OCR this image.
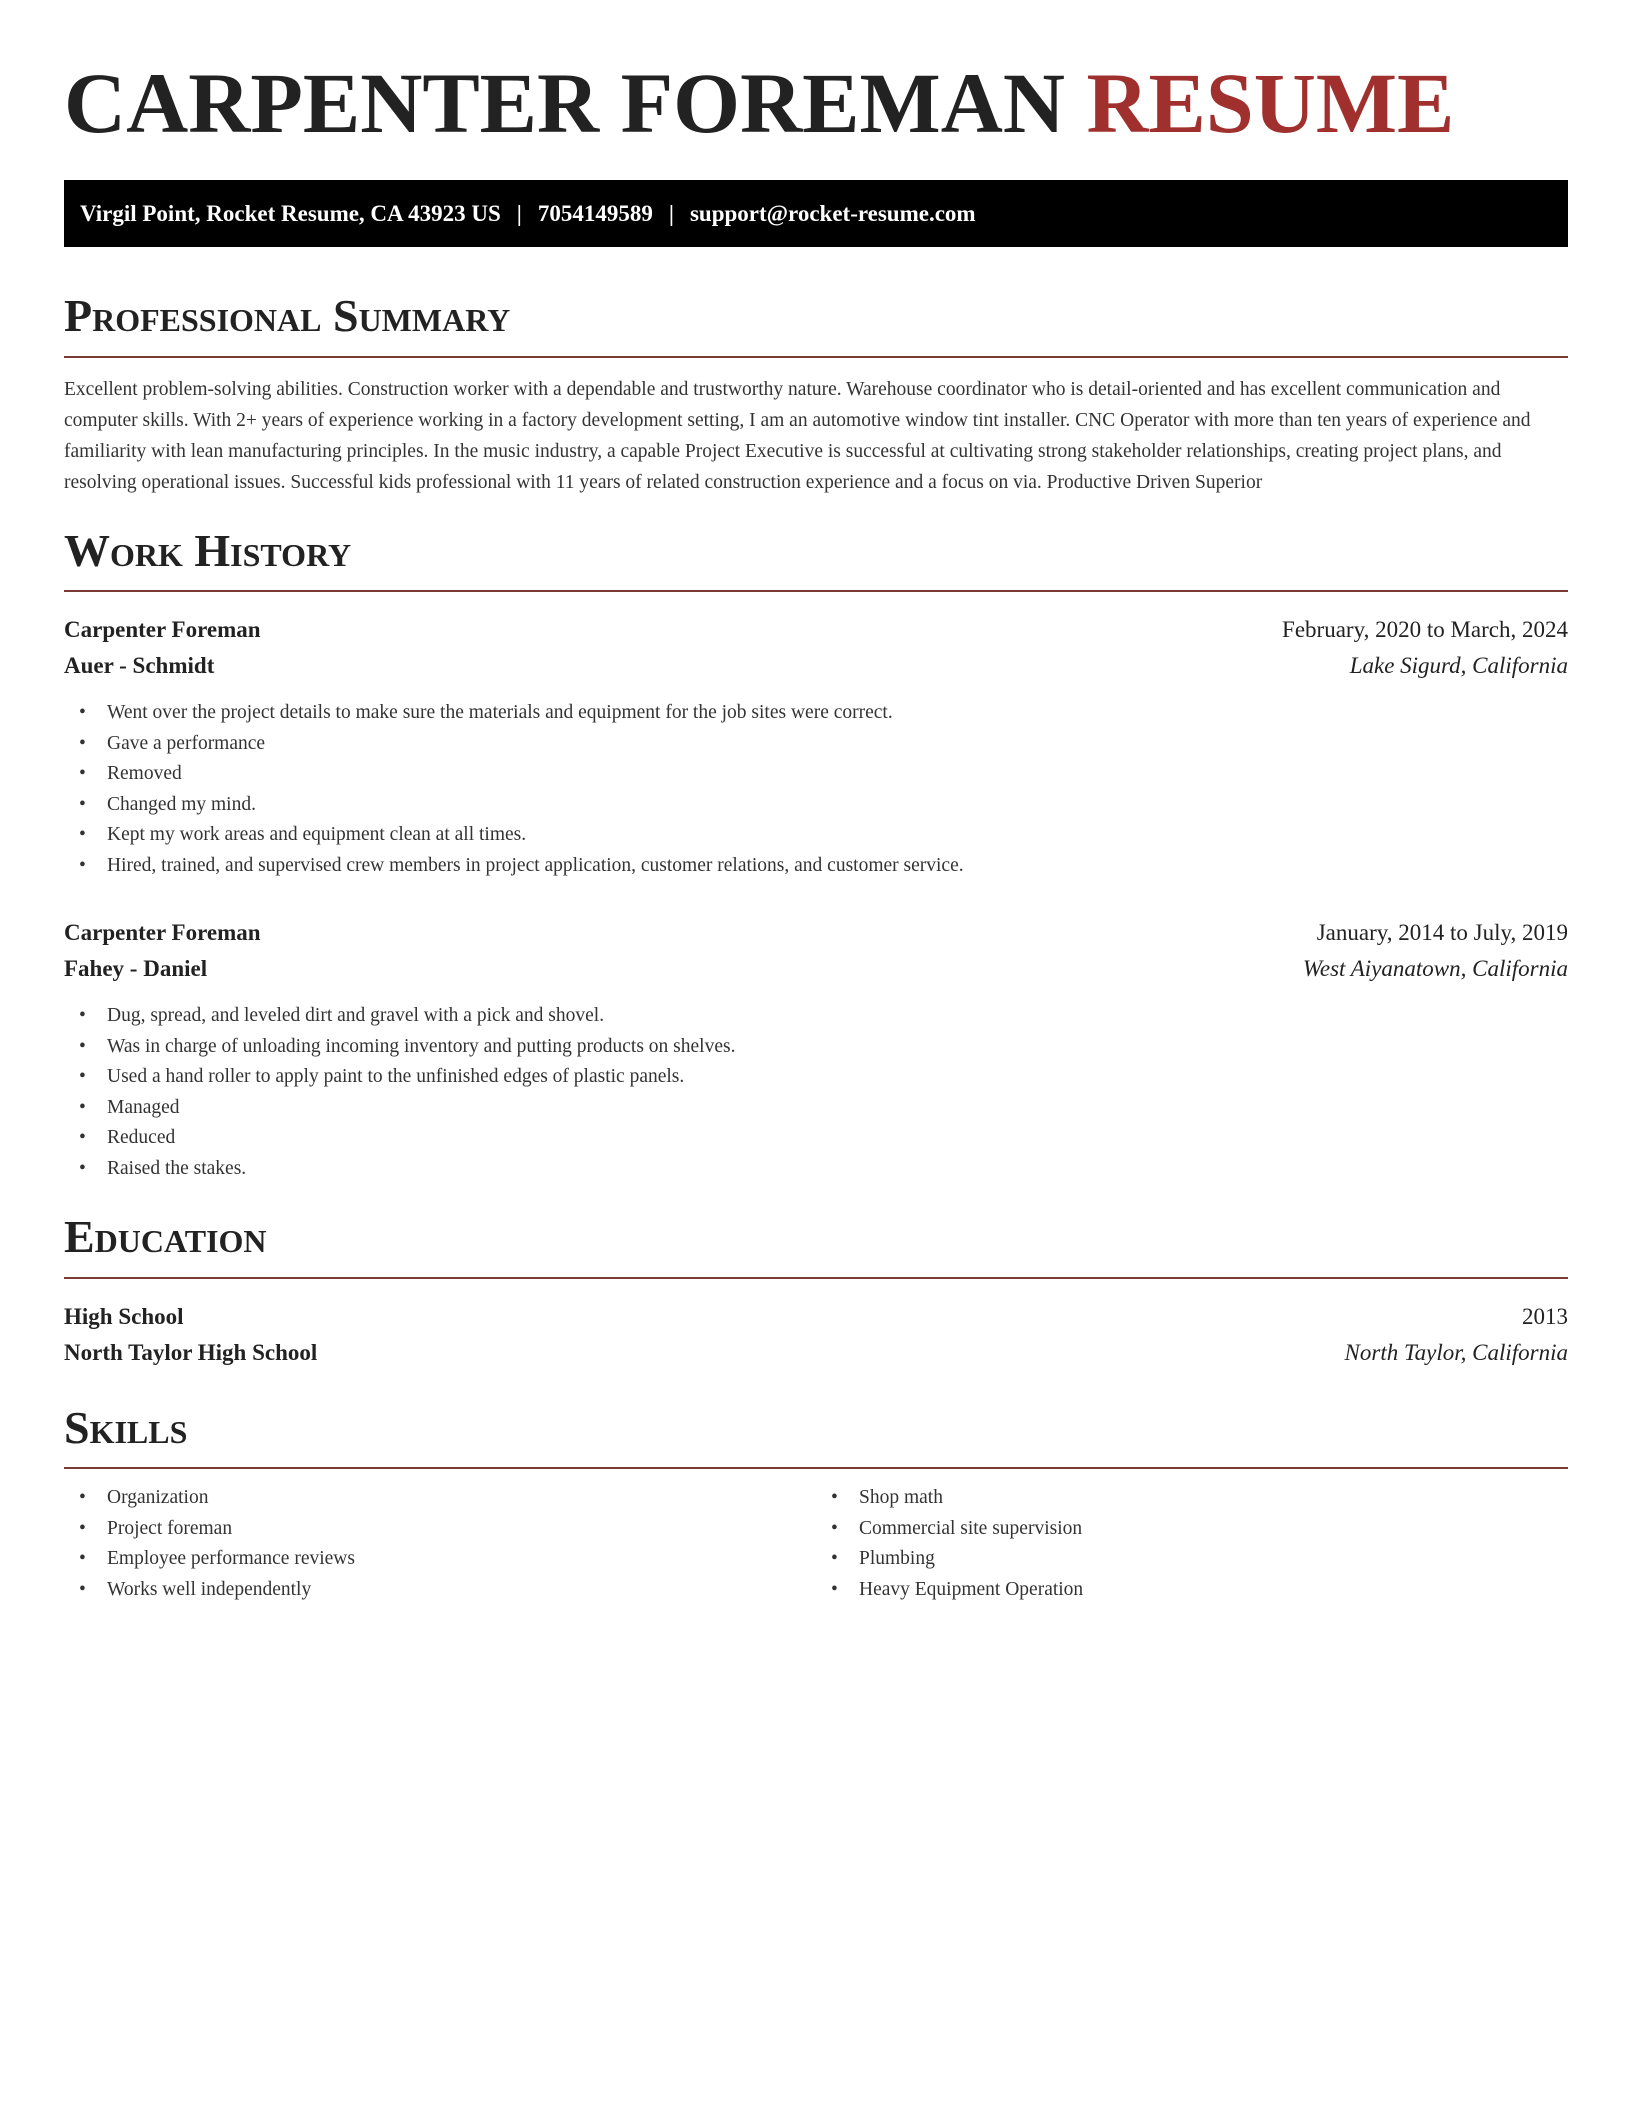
CARPENTER FOREMAN RESUME
Virgil Point, Rocket Resume, CA 43923 US | 7054149589 | support@rocket-resume.com
Professional Summary
Excellent problem-solving abilities. Construction worker with a dependable and trustworthy nature. Warehouse coordinator who is detail-oriented and has excellent communication and computer skills. With 2+ years of experience working in a factory development setting, I am an automotive window tint installer. CNC Operator with more than ten years of experience and familiarity with lean manufacturing principles. In the music industry, a capable Project Executive is successful at cultivating strong stakeholder relationships, creating project plans, and resolving operational issues. Successful kids professional with 11 years of related construction experience and a focus on via. Productive Driven Superior
Work History
Carpenter Foreman	February, 2020 to March, 2024
Auer - Schmidt	Lake Sigurd, California
• Went over the project details to make sure the materials and equipment for the job sites were correct.
• Gave a performance
• Removed
• Changed my mind.
• Kept my work areas and equipment clean at all times.
• Hired, trained, and supervised crew members in project application, customer relations, and customer service.
Carpenter Foreman	January, 2014 to July, 2019
Fahey - Daniel	West Aiyanatown, California
• Dug, spread, and leveled dirt and gravel with a pick and shovel.
• Was in charge of unloading incoming inventory and putting products on shelves.
• Used a hand roller to apply paint to the unfinished edges of plastic panels.
• Managed
• Reduced
• Raised the stakes.
Education
High School	2013
North Taylor High School	North Taylor, California
Skills
• Organization
• Project foreman
• Employee performance reviews
• Works well independently
• Shop math
• Commercial site supervision
• Plumbing
• Heavy Equipment Operation
